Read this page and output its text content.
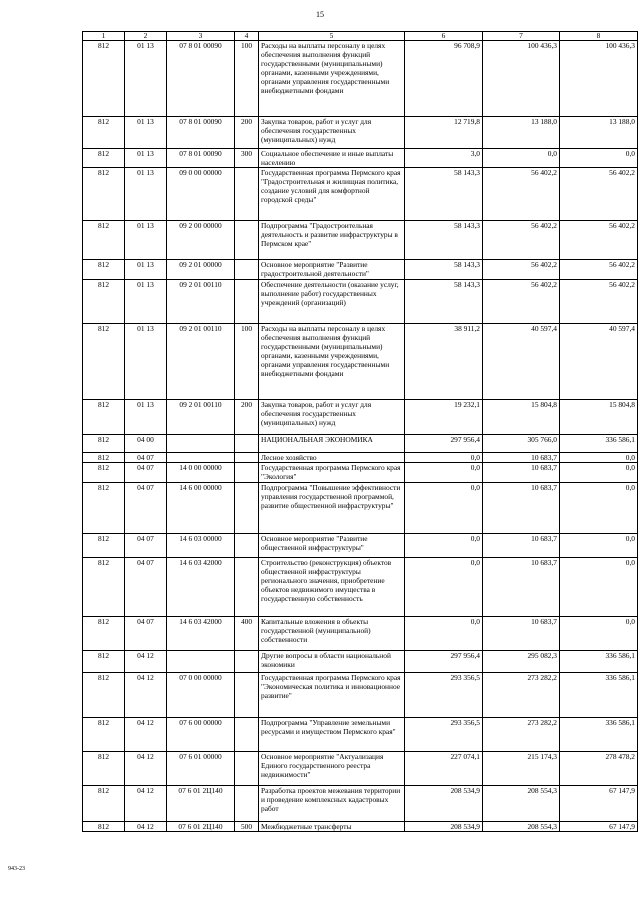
15
1	2	3	4	5	6	7	8
812	01 13	07 8 01 00090	100	Расходы на выплаты персоналу в целях обеспечения выполнения функций государственными (муниципальными) органами, казенными учреждениями, органами управления государственными внебюджетными фондами	96 708,9	100 436,3	100 436,3
812	01 13	07 8 01 00090	200	Закупка товаров, работ и услуг для обеспечения государственных (муниципальных) нужд	12 719,8	13 188,0	13 188,0
812	01 13	07 8 01 00090	300	Социальное обеспечение и иные выплаты населению	3,0	0,0	0,0
812	01 13	09 0 00 00000		Государственная программа Пермского края "Градостроительная и жилищная политика, создание условий для комфортной городской среды"	58 143,3	56 402,2	56 402,2
812	01 13	09 2 00 00000		Подпрограмма "Градостроительная деятельность и развитие инфраструктуры в Пермском крае"	58 143,3	56 402,2	56 402,2
812	01 13	09 2 01 00000		Основное мероприятие "Развитие градостроительной деятельности"	58 143,3	56 402,2	56 402,2
812	01 13	09 2 01 00110		Обеспечение деятельности (оказание услуг, выполнение работ) государственных учреждений (организаций)	58 143,3	56 402,2	56 402,2
812	01 13	09 2 01 00110	100	Расходы на выплаты персоналу в целях обеспечения выполнения функций государственными (муниципальными) органами, казенными учреждениями, органами управления государственными внебюджетными фондами	38 911,2	40 597,4	40 597,4
812	01 13	09 2 01 00110	200	Закупка товаров, работ и услуг для обеспечения государственных (муниципальных) нужд	19 232,1	15 804,8	15 804,8
812	04 00			НАЦИОНАЛЬНАЯ ЭКОНОМИКА	297 956,4	305 766,0	336 586,1
812	04 07			Лесное хозяйство	0,0	10 683,7	0,0
812	04 07	14 0 00 00000		Государственная программа Пермского края "Экология"	0,0	10 683,7	0,0
812	04 07	14 6 00 00000		Подпрограмма "Повышение эффективности управления государственной программой, развитие общественной инфраструктуры"	0,0	10 683,7	0,0
812	04 07	14 6 03 00000		Основное мероприятие "Развитие общественной инфраструктуры"	0,0	10 683,7	0,0
812	04 07	14 6 03 42000		Строительство (реконструкция) объектов общественной инфраструктуры регионального значения, приобретение объектов недвижимого имущества в государственную собственность	0,0	10 683,7	0,0
812	04 07	14 6 03 42000	400	Капитальные вложения в объекты государственной (муниципальной) собственности	0,0	10 683,7	0,0
812	04 12			Другие вопросы в области национальной экономики	297 956,4	295 082,3	336 586,1
812	04 12	07 0 00 00000		Государственная программа Пермского края "Экономическая политика и инновационное развитие"	293 356,5	273 282,2	336 586,1
812	04 12	07 6 00 00000		Подпрограмма "Управление земельными ресурсами и имуществом Пермского края"	293 356,5	273 282,2	336 586,1
812	04 12	07 6 01 00000		Основное мероприятие "Актуализация Единого государственного реестра недвижимости"	227 074,1	215 174,3	278 478,2
812	04 12	07 6 01 2Ц140		Разработка проектов межевания территории и проведение комплексных кадастровых работ	208 534,9	208 554,3	67 147,9
812	04 12	07 6 01 2Ц140	500	Межбюджетные трансферты	208 534,9	208 554,3	67 147,9
943-23
